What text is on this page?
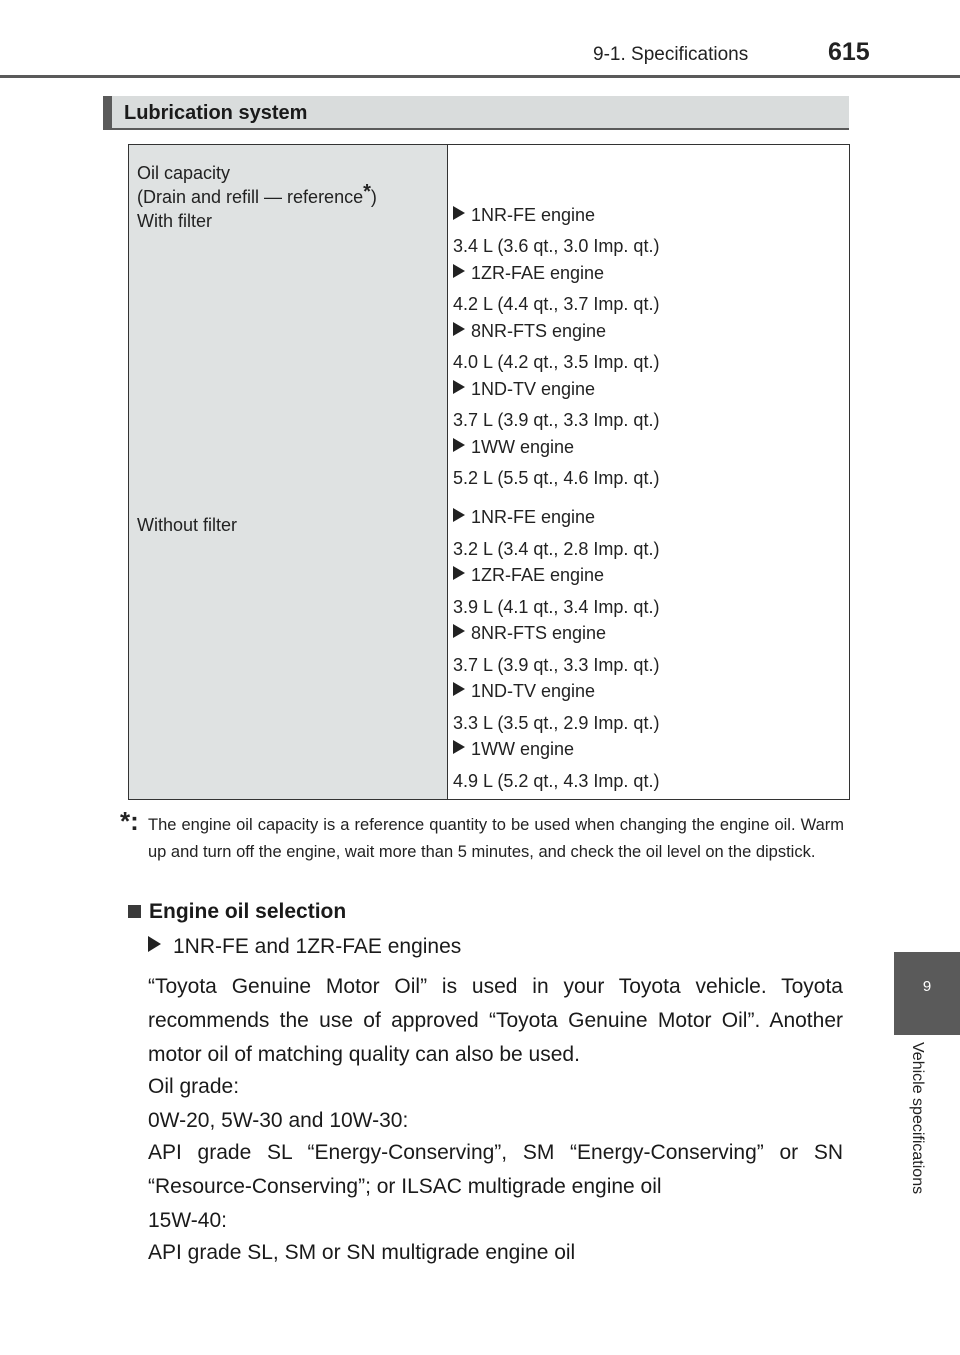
9-1. Specifications	615
9
Vehicle specifications
Lubrication system
Oil capacity
(Drain and refill — reference*)
With filter
Without filter
1NR-FE engine
3.4 L (3.6 qt., 3.0 Imp. qt.)
1ZR-FAE engine
4.2 L (4.4 qt., 3.7 Imp. qt.)
8NR-FTS engine
4.0 L (4.2 qt., 3.5 Imp. qt.)
1ND-TV engine
3.7 L (3.9 qt., 3.3 Imp. qt.)
1WW engine
5.2 L (5.5 qt., 4.6 Imp. qt.)
1NR-FE engine
3.2 L (3.4 qt., 2.8 Imp. qt.)
1ZR-FAE engine
3.9 L (4.1 qt., 3.4 Imp. qt.)
8NR-FTS engine
3.7 L (3.9 qt., 3.3 Imp. qt.)
1ND-TV engine
3.3 L (3.5 qt., 2.9 Imp. qt.)
1WW engine
4.9 L (5.2 qt., 4.3 Imp. qt.)
*: The engine oil capacity is a reference quantity to be used when changing the engine oil. Warm up and turn off the engine, wait more than 5 minutes, and check the oil level on the dipstick.
Engine oil selection
1NR-FE and 1ZR-FAE engines
“Toyota Genuine Motor Oil” is used in your Toyota vehicle. Toyota recommends the use of approved “Toyota Genuine Motor Oil”. Another motor oil of matching quality can also be used.
Oil grade:
0W-20, 5W-30 and 10W-30:
API grade SL “Energy-Conserving”, SM “Energy-Conserving” or SN “Resource-Conserving”; or ILSAC multigrade engine oil
15W-40:
API grade SL, SM or SN multigrade engine oil
